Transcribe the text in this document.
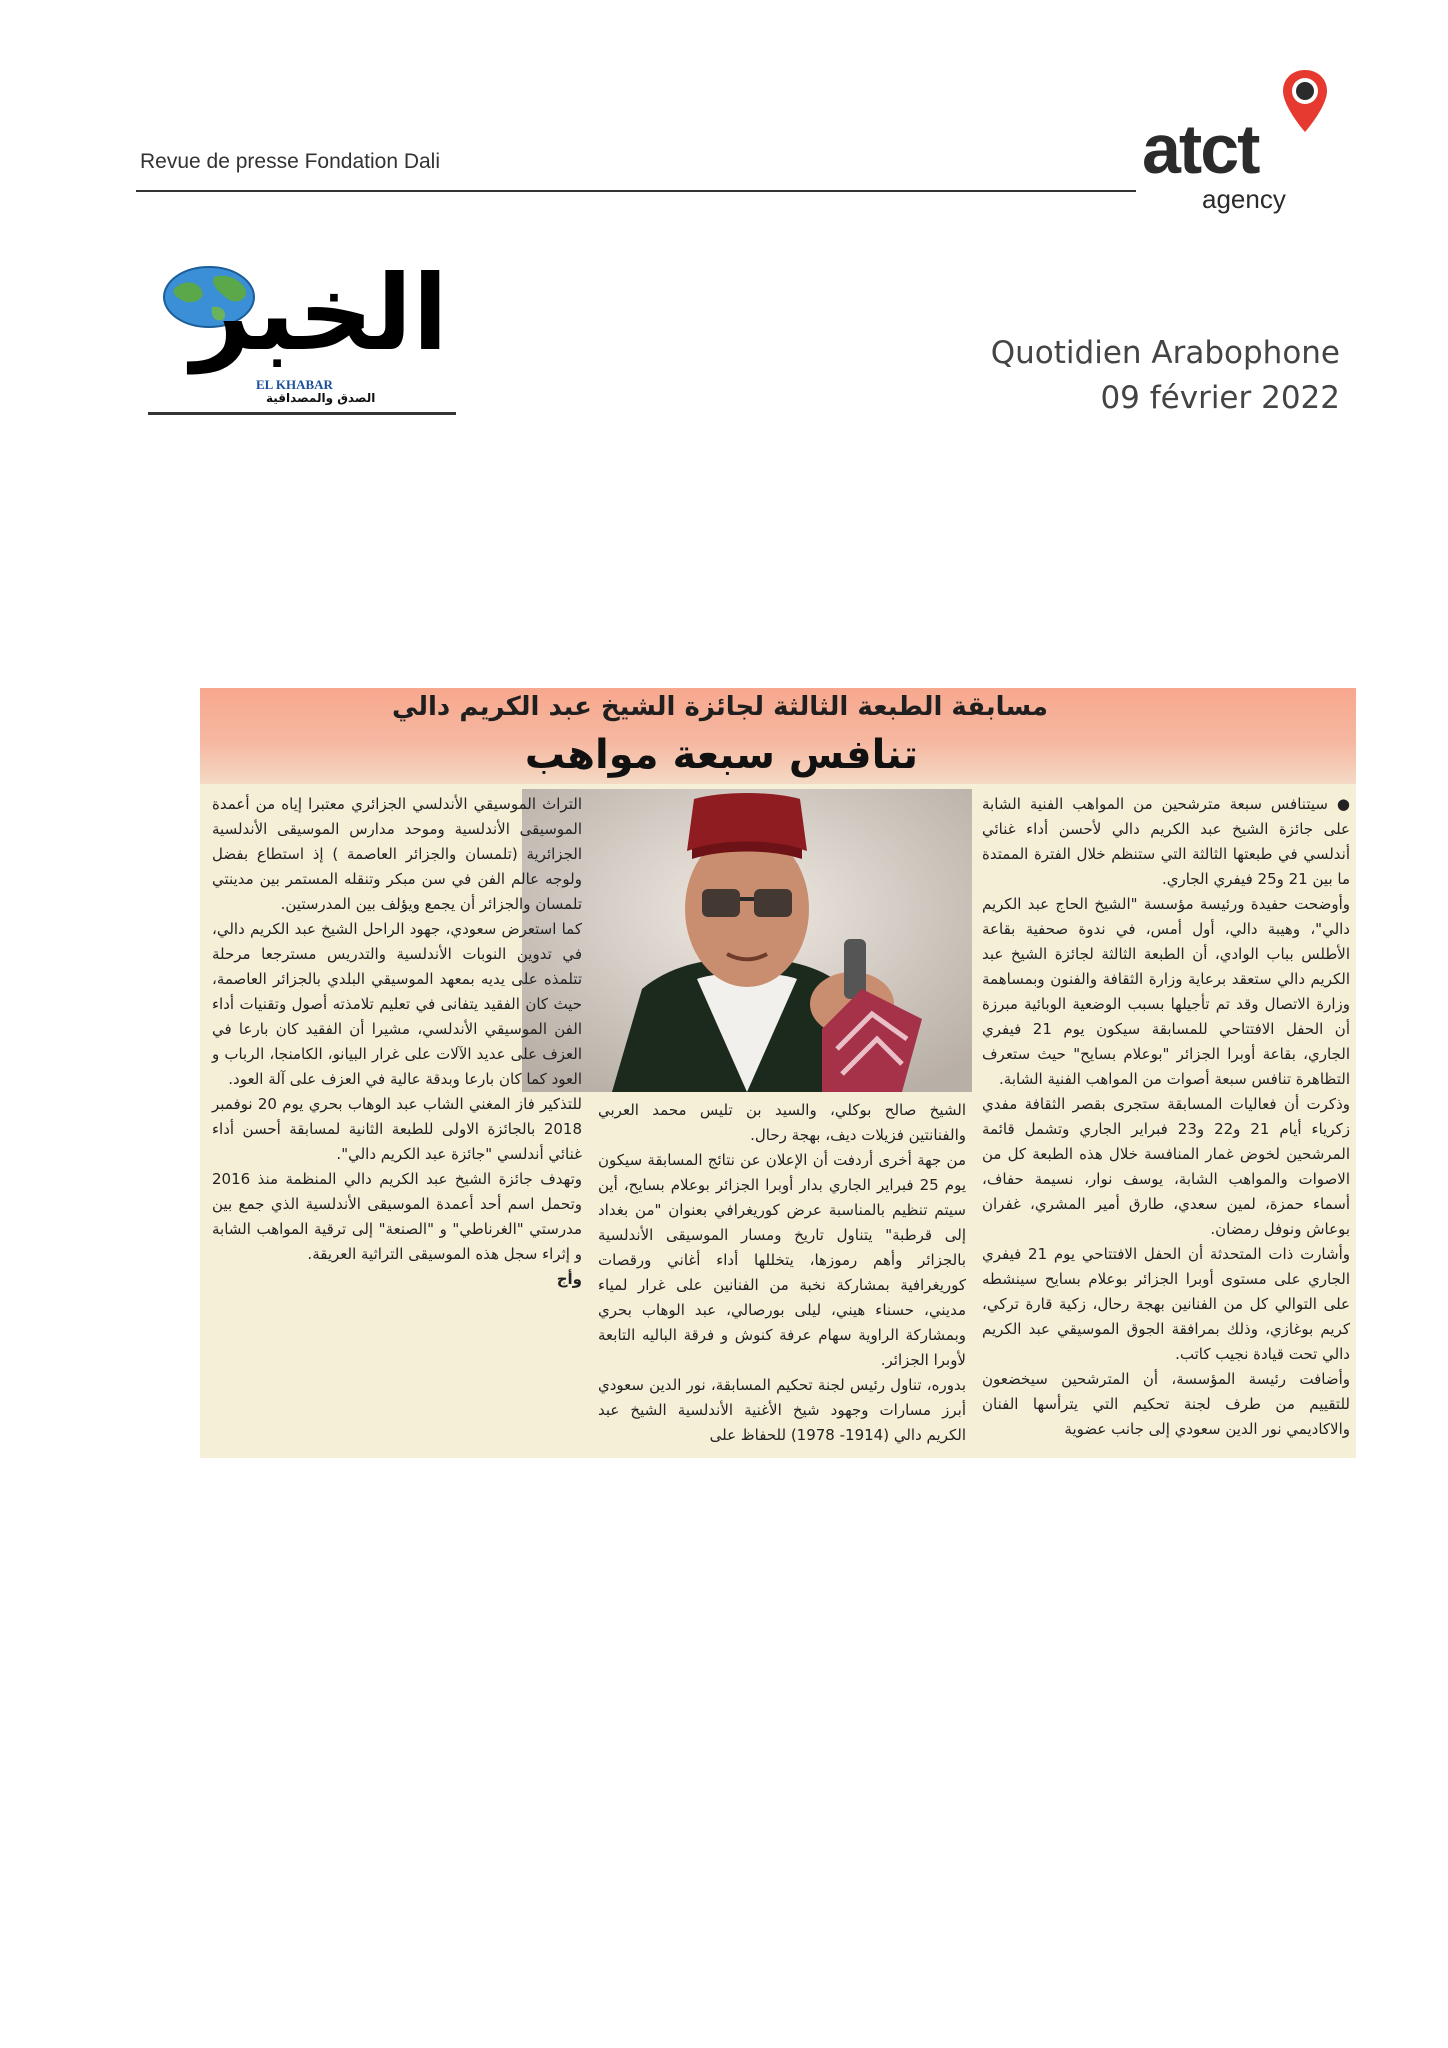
Revue de presse Fondation Dali	atct
agency
الخبر
EL KHABAR
الصدق والمصداقية
Quotidien Arabophone
09 février 2022
مسابقة الطبعة الثالثة لجائزة الشيخ عبد الكريم دالي
تنافس سبعة مواهب

● سيتنافس سبعة مترشحين من المواهب الفنية الشابة على جائزة الشيخ عبد الكريم دالي لأحسن أداء غنائي أندلسي في طبعتها الثالثة التي ستنظم خلال الفترة الممتدة ما بين 21 و25 فيفري الجاري.

وأوضحت حفيدة ورئيسة مؤسسة "الشيخ الحاج عبد الكريم دالي"، وهيبة دالي، أول أمس، في ندوة صحفية بقاعة الأطلس بباب الوادي، أن الطبعة الثالثة لجائزة الشيخ عبد الكريم دالي ستعقد برعاية وزارة الثقافة والفنون وبمساهمة وزارة الاتصال وقد تم تأجيلها بسبب الوضعية الوبائية مبرزة أن الحفل الافتتاحي للمسابقة سيكون يوم 21 فيفري الجاري، بقاعة أوبرا الجزائر "بوعلام بسايح" حيث ستعرف التظاهرة تنافس سبعة أصوات من المواهب الفنية الشابة.

وذكرت أن فعاليات المسابقة ستجرى بقصر الثقافة مفدي زكرياء أيام 21 و22 و23 فبراير الجاري وتشمل قائمة المرشحين لخوض غمار المنافسة خلال هذه الطبعة كل من الاصوات والمواهب الشابة، يوسف نوار، نسيمة حفاف، أسماء حمزة، لمين سعدي، طارق أمير المشري، غفران بوعاش ونوفل رمضان.

وأشارت ذات المتحدثة أن الحفل الافتتاحي يوم 21 فيفري الجاري على مستوى أوبرا الجزائر بوعلام بسايح سينشطه على التوالي كل من الفنانين بهجة رحال، زكية قارة تركي، كريم بوغازي، وذلك بمرافقة الجوق الموسيقي عبد الكريم دالي تحت قيادة نجيب كاتب.

وأضافت رئيسة المؤسسة، أن المترشحين سيخضعون للتقييم من طرف لجنة تحكيم التي يترأسها الفنان والاكاديمي نور الدين سعودي إلى جانب عضوية

الشيخ صالح بوكلي، والسيد بن تليس محمد العربي والفنانتين فزيلات ديف، بهجة رحال.

من جهة أخرى أردفت أن الإعلان عن نتائج المسابقة سيكون يوم 25 فبراير الجاري بدار أوبرا الجزائر بوعلام بسايح، أين سيتم تنظيم بالمناسبة عرض كوريغرافي بعنوان "من بغداد إلى قرطبة" يتناول تاريخ ومسار الموسيقى الأندلسية بالجزائر وأهم رموزها، يتخللها أداء أغاني ورقصات كوريغرافية بمشاركة نخبة من الفنانين على غرار لمياء مديني، حسناء هيني، ليلى بورصالي، عبد الوهاب بحري وبمشاركة الراوية سهام عرفة كنوش و فرقة الباليه التابعة لأوبرا الجزائر.

بدوره، تناول رئيس لجنة تحكيم المسابقة، نور الدين سعودي أبرز مسارات وجهود شيخ الأغنية الأندلسية الشيخ عبد الكريم دالي (1914- 1978) للحفاظ على

التراث الموسيقي الأندلسي الجزائري معتبرا إياه من أعمدة الموسيقى الأندلسية وموحد مدارس الموسيقى الأندلسية الجزائرية (تلمسان والجزائر العاصمة ) إذ استطاع بفضل ولوجه عالم الفن في سن مبكر وتنقله المستمر بين مدينتي تلمسان والجزائر أن يجمع ويؤلف بين المدرستين.

كما استعرض سعودي، جهود الراحل الشيخ عبد الكريم دالي، في تدوين النوبات الأندلسية والتدريس مسترجعا مرحلة تتلمذه على يديه بمعهد الموسيقي البلدي بالجزائر العاصمة، حيث كان الفقيد يتفانى في تعليم تلامذته أصول وتقنيات أداء الفن الموسيقي الأندلسي، مشيرا أن الفقيد كان بارعا في العزف على عديد الآلات على غرار البيانو، الكامنجا، الرباب و العود كما كان بارعا وبدقة عالية في العزف على آلة العود.

للتذكير فاز المغني الشاب عبد الوهاب بحري يوم 20 نوفمبر 2018 بالجائزة الاولى للطبعة الثانية لمسابقة أحسن أداء غنائي أندلسي "جائزة عبد الكريم دالي".

وتهدف جائزة الشيخ عبد الكريم دالي المنظمة منذ 2016 وتحمل اسم أحد أعمدة الموسيقى الأندلسية الذي جمع بين مدرستي "الغرناطي" و "الصنعة" إلى ترقية المواهب الشابة و إثراء سجل هذه الموسيقى التراثية العريقة.

وأج
